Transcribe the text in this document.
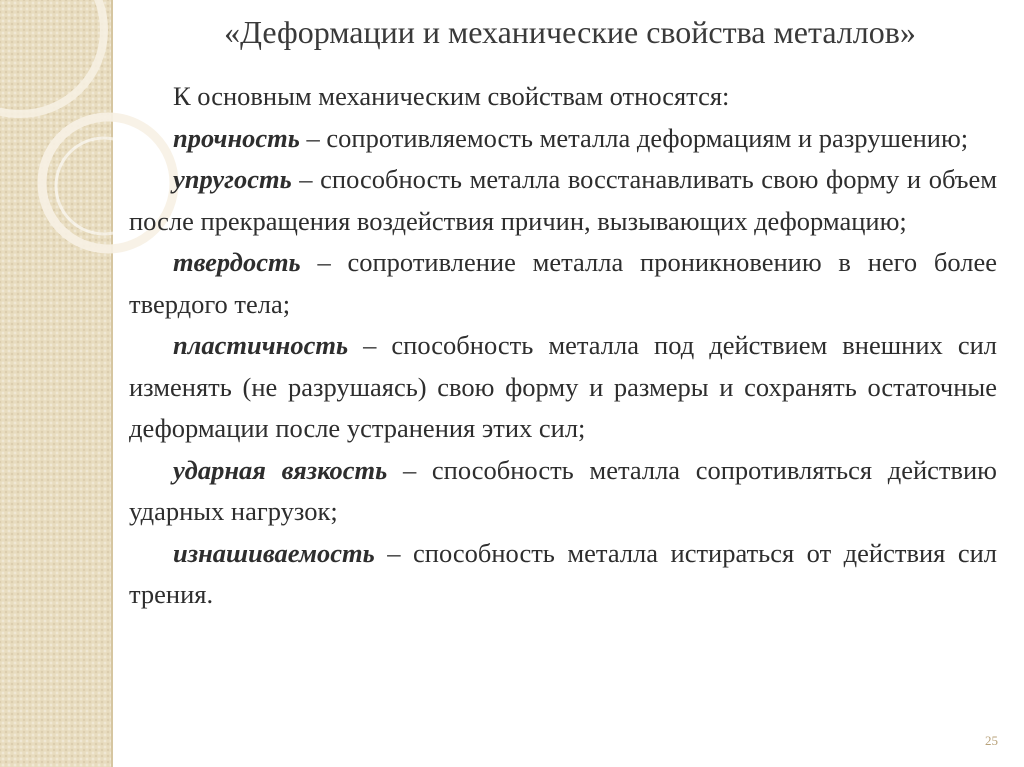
«Деформации и механические свойства металлов»

К основным механическим свойствам относятся:

прочность – сопротивляемость металла деформациям и разрушению;

упругость – способность металла восстанавливать свою форму и объем после прекращения воздействия причин, вызывающих деформацию;

твердость – сопротивление металла проникновению в него более твердого тела;

пластичность – способность металла под действием внешних сил изменять (не разрушаясь) свою форму и размеры и сохранять остаточные деформации после устранения этих сил;

ударная вязкость – способность металла сопротивляться действию ударных нагрузок;

изнашиваемость – способность металла истираться от действия сил трения.

25
